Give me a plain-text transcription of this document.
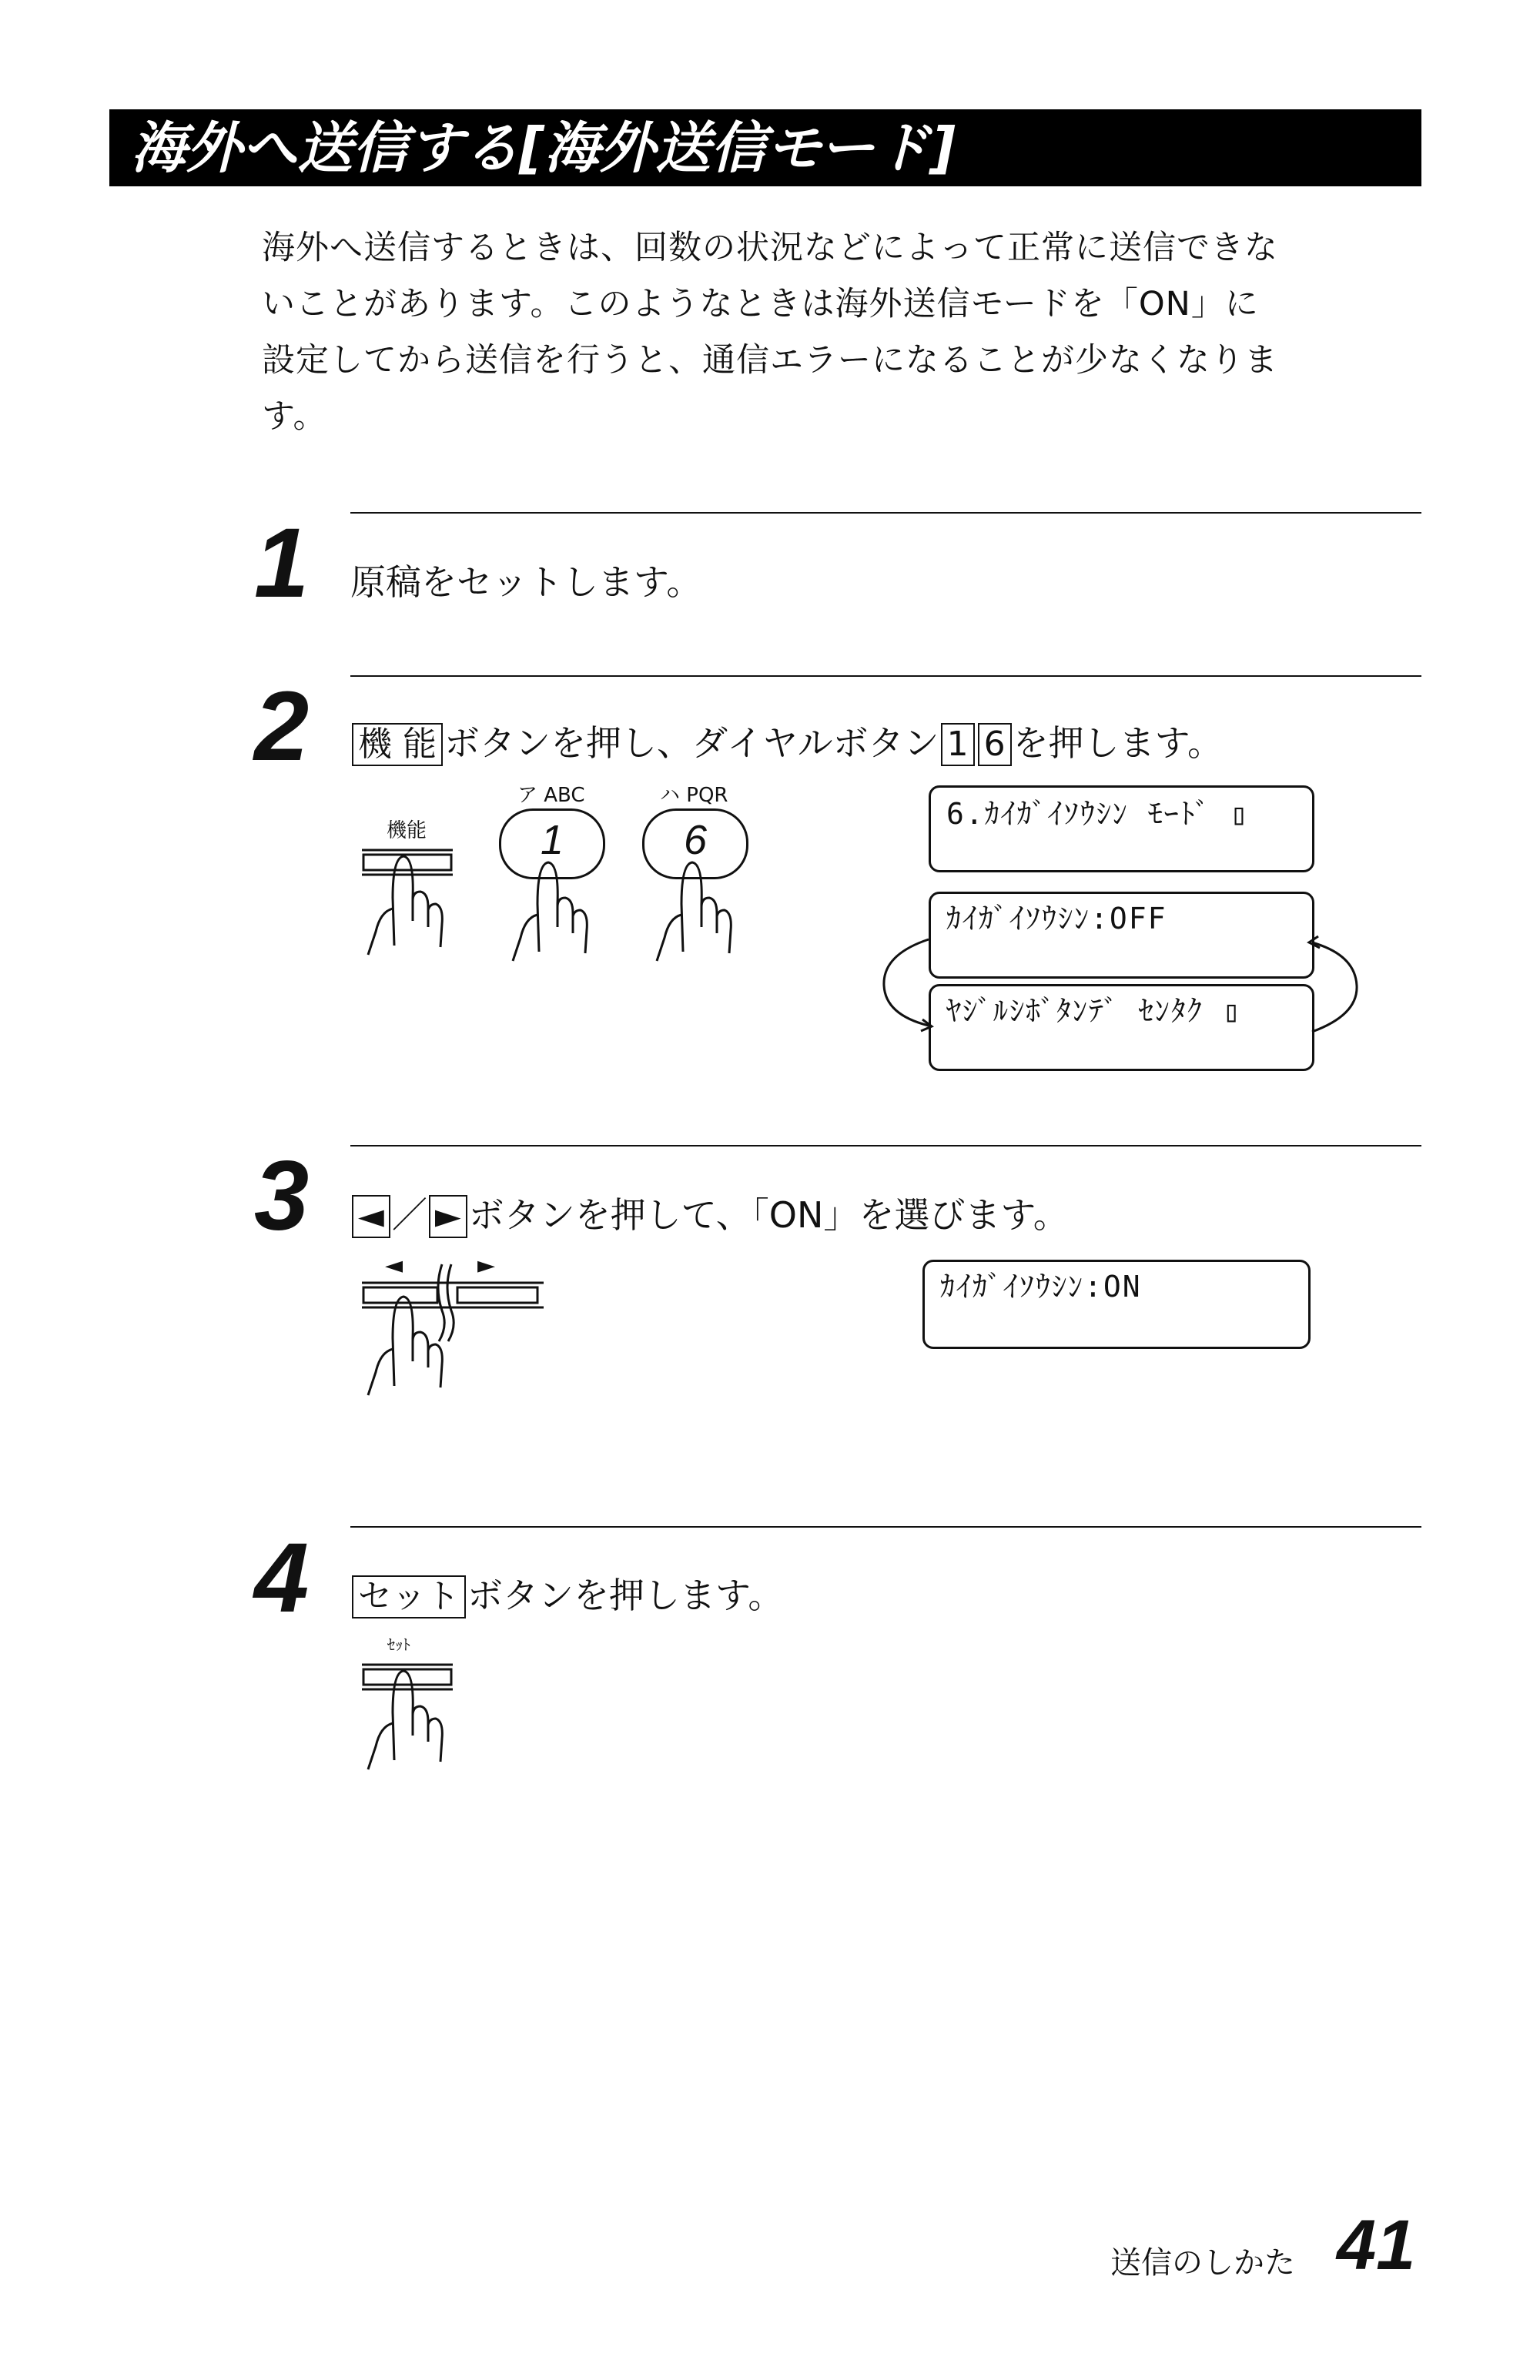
海外へ送信する[海外送信モード]

海外へ送信するときは、回数の状況などによって正常に送信できな

いことがあります。このようなときは海外送信モードを「ON」に

設定してから送信を行うと、通信エラーになることが少なくなりま

す。

1 原稿をセットします。
2 機 能 ボタンを押し、ダイヤルボタン 1 6 を押します。
機能
ア ABC
1
ハ PQR
6
6.ｶｲｶﾞｲｿｳｼﾝ ﾓｰﾄﾞ ▯
ｶｲｶﾞｲｿｳｼﾝ:OFF
ﾔｼﾞﾙｼﾎﾞﾀﾝﾃﾞ ｾﾝﾀｸ ▯
3 ◄ ／ ► ボタンを押して、「ON」を選びます。
◄	►
ｶｲｶﾞｲｿｳｼﾝ:ON
4 セット ボタンを押します。
ｾｯﾄ
送信のしかた 41
